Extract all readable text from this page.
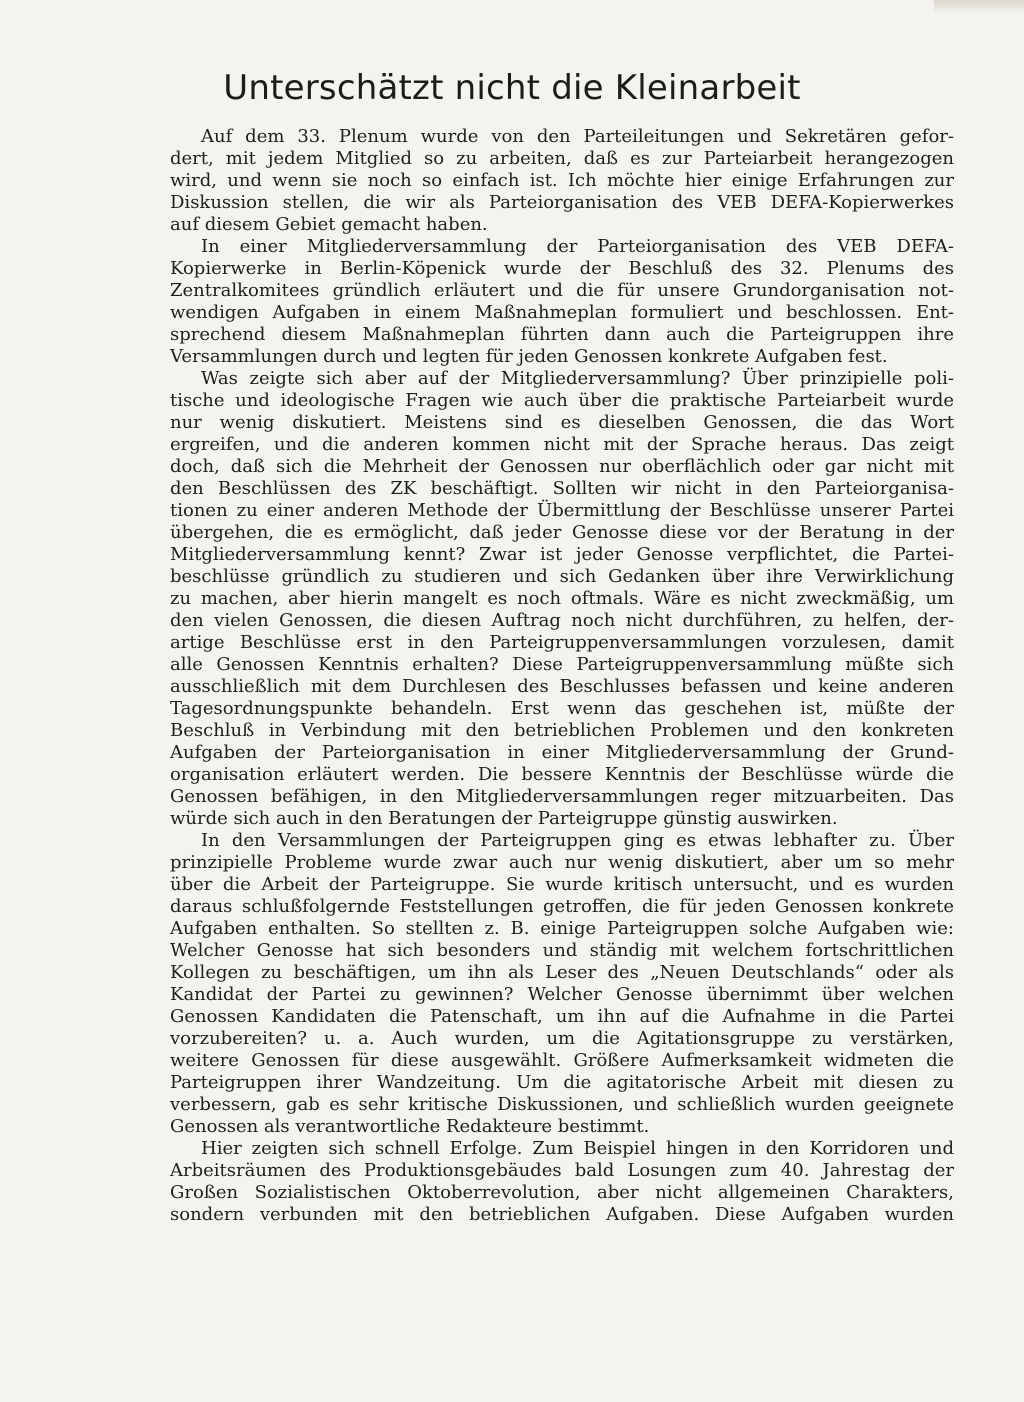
Unterschätzt nicht die Kleinarbeit
Auf dem 33. Plenum wurde von den Parteileitungen und Sekretären gefor-
dert, mit jedem Mitglied so zu arbeiten, daß es zur Parteiarbeit herangezogen
wird, und wenn sie noch so einfach ist. Ich möchte hier einige Erfahrungen zur
Diskussion stellen, die wir als Parteiorganisation des VEB DEFA-Kopierwerkes
auf diesem Gebiet gemacht haben.
In einer Mitgliederversammlung der Parteiorganisation des VEB DEFA-
Kopierwerke in Berlin-Köpenick wurde der Beschluß des 32. Plenums des
Zentralkomitees gründlich erläutert und die für unsere Grundorganisation not-
wendigen Aufgaben in einem Maßnahmeplan formuliert und beschlossen. Ent-
sprechend diesem Maßnahmeplan führten dann auch die Parteigruppen ihre
Versammlungen durch und legten für jeden Genossen konkrete Aufgaben fest.
Was zeigte sich aber auf der Mitgliederversammlung? Über prinzipielle poli-
tische und ideologische Fragen wie auch über die praktische Parteiarbeit wurde
nur wenig diskutiert. Meistens sind es dieselben Genossen, die das Wort
ergreifen, und die anderen kommen nicht mit der Sprache heraus. Das zeigt
doch, daß sich die Mehrheit der Genossen nur oberflächlich oder gar nicht mit
den Beschlüssen des ZK beschäftigt. Sollten wir nicht in den Parteiorganisa-
tionen zu einer anderen Methode der Übermittlung der Beschlüsse unserer Partei
übergehen, die es ermöglicht, daß jeder Genosse diese vor der Beratung in der
Mitgliederversammlung kennt? Zwar ist jeder Genosse verpflichtet, die Partei-
beschlüsse gründlich zu studieren und sich Gedanken über ihre Verwirklichung
zu machen, aber hierin mangelt es noch oftmals. Wäre es nicht zweckmäßig, um
den vielen Genossen, die diesen Auftrag noch nicht durchführen, zu helfen, der-
artige Beschlüsse erst in den Parteigruppenversammlungen vorzulesen, damit
alle Genossen Kenntnis erhalten? Diese Parteigruppenversammlung müßte sich
ausschließlich mit dem Durchlesen des Beschlusses befassen und keine anderen
Tagesordnungspunkte behandeln. Erst wenn das geschehen ist, müßte der
Beschluß in Verbindung mit den betrieblichen Problemen und den konkreten
Aufgaben der Parteiorganisation in einer Mitgliederversammlung der Grund-
organisation erläutert werden. Die bessere Kenntnis der Beschlüsse würde die
Genossen befähigen, in den Mitgliederversammlungen reger mitzuarbeiten. Das
würde sich auch in den Beratungen der Parteigruppe günstig auswirken.
In den Versammlungen der Parteigruppen ging es etwas lebhafter zu. Über
prinzipielle Probleme wurde zwar auch nur wenig diskutiert, aber um so mehr
über die Arbeit der Parteigruppe. Sie wurde kritisch untersucht, und es wurden
daraus schlußfolgernde Feststellungen getroffen, die für jeden Genossen konkrete
Aufgaben enthalten. So stellten z. B. einige Parteigruppen solche Aufgaben wie:
Welcher Genosse hat sich besonders und ständig mit welchem fortschrittlichen
Kollegen zu beschäftigen, um ihn als Leser des „Neuen Deutschlands“ oder als
Kandidat der Partei zu gewinnen? Welcher Genosse übernimmt über welchen
Genossen Kandidaten die Patenschaft, um ihn auf die Aufnahme in die Partei
vorzubereiten? u. a. Auch wurden, um die Agitationsgruppe zu verstärken,
weitere Genossen für diese ausgewählt. Größere Aufmerksamkeit widmeten die
Parteigruppen ihrer Wandzeitung. Um die agitatorische Arbeit mit diesen zu
verbessern, gab es sehr kritische Diskussionen, und schließlich wurden geeignete
Genossen als verantwortliche Redakteure bestimmt.
Hier zeigten sich schnell Erfolge. Zum Beispiel hingen in den Korridoren und
Arbeitsräumen des Produktionsgebäudes bald Losungen zum 40. Jahrestag der
Großen Sozialistischen Oktoberrevolution, aber nicht allgemeinen Charakters,
sondern verbunden mit den betrieblichen Aufgaben. Diese Aufgaben wurden
